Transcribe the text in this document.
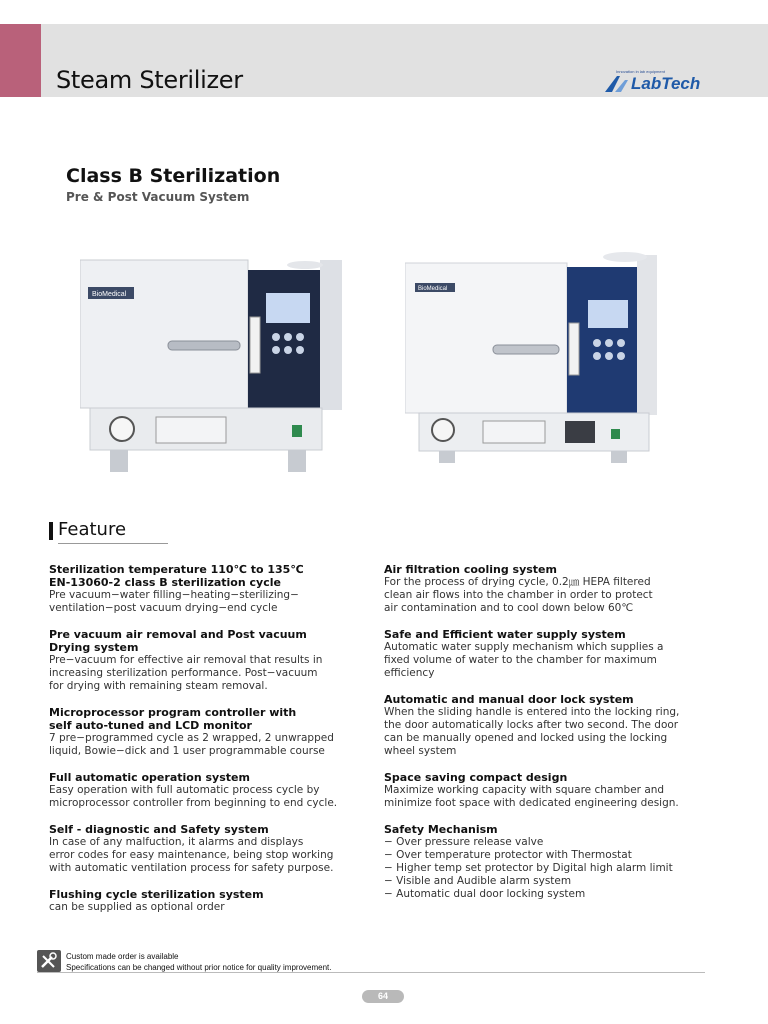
Steam Sterilizer	LabTech
Innovation in lab equipment
Class B Sterilization
Pre & Post Vacuum System
BioMedical
BioMedical
Feature
Sterilization temperature 110℃ to 135℃
EN-13060-2 class B sterilization cycle
Pre vacuum−water filling−heating−sterilizing−
ventilation−post vacuum drying−end cycle
Pre vacuum air removal and Post vacuum
Drying system
Pre−vacuum for effective air removal that results in
increasing sterilization performance. Post−vacuum
for drying with remaining steam removal.
Microprocessor program controller with
self auto-tuned and LCD monitor
7 pre−programmed cycle as 2 wrapped, 2 unwrapped
liquid, Bowie−dick and 1 user programmable course
Full automatic operation system
Easy operation with full automatic process cycle by
microprocessor controller from beginning to end cycle.
Self - diagnostic and Safety system
In case of any malfuction, it alarms and displays
error codes for easy maintenance, being stop working
with automatic ventilation process for safety purpose.
Flushing cycle sterilization system
can be supplied as optional order
Air filtration cooling system
For the process of drying cycle, 0.2㎛ HEPA filtered
clean air flows into the chamber in order to protect
air contamination and to cool down below 60℃
Safe and Efficient water supply system
Automatic water supply mechanism which supplies a
fixed volume of water to the chamber for maximum
efficiency
Automatic and manual door lock system
When the sliding handle is entered into the locking ring,
the door automatically locks after two second. The door
can be manually opened and locked using the locking
wheel system
Space saving compact design
Maximize working capacity with square chamber and
minimize foot space with dedicated engineering design.
Safety Mechanism
− Over pressure release valve
− Over temperature protector with Thermostat
− Higher temp set protector by Digital high alarm limit
− Visible and Audible alarm system
− Automatic dual door locking system
Custom made order is available
Specifications can be changed without prior notice for quality improvement.
64
